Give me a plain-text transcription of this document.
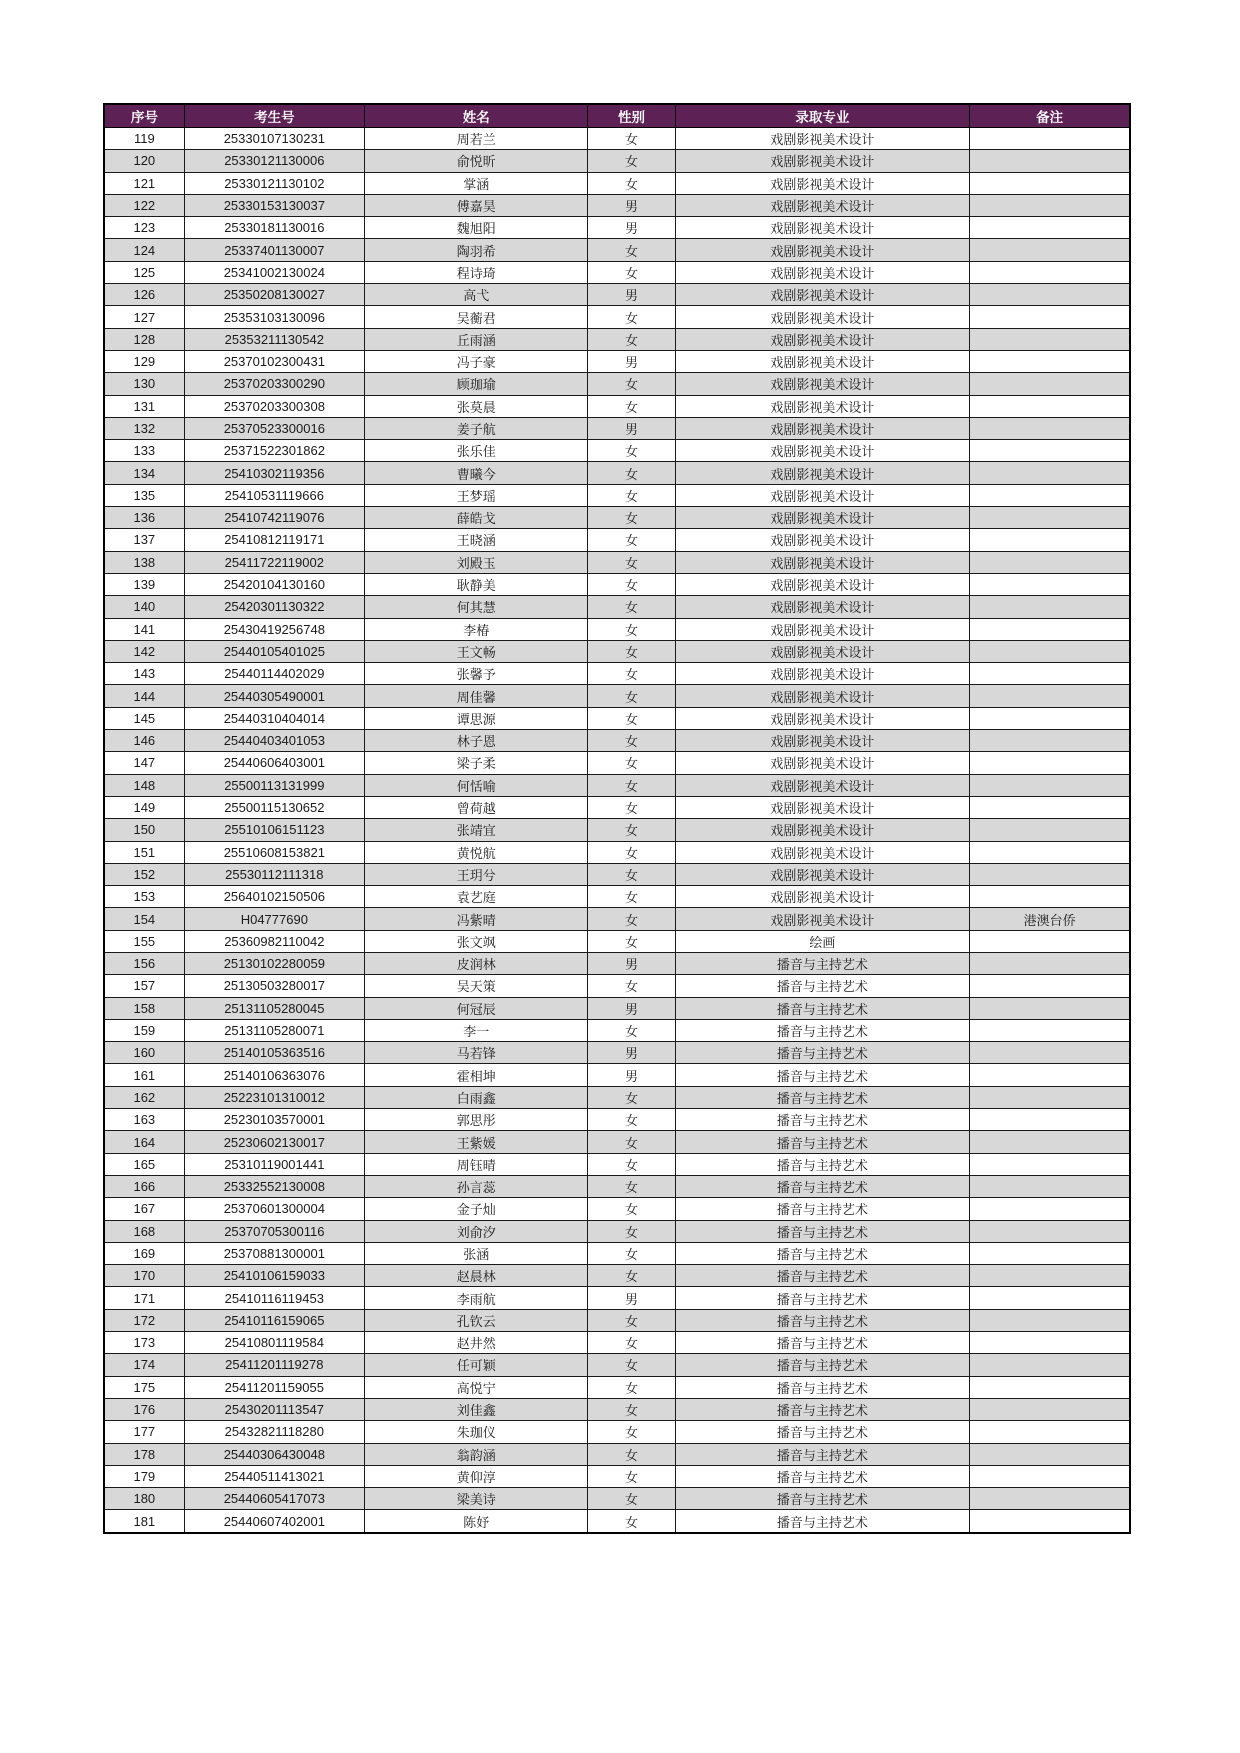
序号	考生号	姓名	性别	录取专业	备注
119	25330107130231	周若兰	女	戏剧影视美术设计	
120	25330121130006	俞悦昕	女	戏剧影视美术设计	
121	25330121130102	掌涵	女	戏剧影视美术设计	
122	25330153130037	傅嘉昊	男	戏剧影视美术设计	
123	25330181130016	魏旭阳	男	戏剧影视美术设计	
124	25337401130007	陶羽希	女	戏剧影视美术设计	
125	25341002130024	程诗琦	女	戏剧影视美术设计	
126	25350208130027	高弋	男	戏剧影视美术设计	
127	25353103130096	吴蘅君	女	戏剧影视美术设计	
128	25353211130542	丘雨涵	女	戏剧影视美术设计	
129	25370102300431	冯子豪	男	戏剧影视美术设计	
130	25370203300290	顾珈瑜	女	戏剧影视美术设计	
131	25370203300308	张莫晨	女	戏剧影视美术设计	
132	25370523300016	姜子航	男	戏剧影视美术设计	
133	25371522301862	张乐佳	女	戏剧影视美术设计	
134	25410302119356	曹曦今	女	戏剧影视美术设计	
135	25410531119666	王梦瑶	女	戏剧影视美术设计	
136	25410742119076	薛皓戈	女	戏剧影视美术设计	
137	25410812119171	王晓涵	女	戏剧影视美术设计	
138	25411722119002	刘殿玉	女	戏剧影视美术设计	
139	25420104130160	耿静美	女	戏剧影视美术设计	
140	25420301130322	何其慧	女	戏剧影视美术设计	
141	25430419256748	李椿	女	戏剧影视美术设计	
142	25440105401025	王文畅	女	戏剧影视美术设计	
143	25440114402029	张馨予	女	戏剧影视美术设计	
144	25440305490001	周佳馨	女	戏剧影视美术设计	
145	25440310404014	谭思源	女	戏剧影视美术设计	
146	25440403401053	林子恩	女	戏剧影视美术设计	
147	25440606403001	梁子柔	女	戏剧影视美术设计	
148	25500113131999	何恬喻	女	戏剧影视美术设计	
149	25500115130652	曾荷越	女	戏剧影视美术设计	
150	25510106151123	张靖宜	女	戏剧影视美术设计	
151	25510608153821	黄悦航	女	戏剧影视美术设计	
152	25530112111318	王玥兮	女	戏剧影视美术设计	
153	25640102150506	袁艺庭	女	戏剧影视美术设计	
154	H04777690	冯紫晴	女	戏剧影视美术设计	港澳台侨
155	25360982110042	张文飒	女	绘画	
156	25130102280059	皮润林	男	播音与主持艺术	
157	25130503280017	吴天策	女	播音与主持艺术	
158	25131105280045	何冠辰	男	播音与主持艺术	
159	25131105280071	李一	女	播音与主持艺术	
160	25140105363516	马若锋	男	播音与主持艺术	
161	25140106363076	霍相坤	男	播音与主持艺术	
162	25223101310012	白雨鑫	女	播音与主持艺术	
163	25230103570001	郭思彤	女	播音与主持艺术	
164	25230602130017	王紫媛	女	播音与主持艺术	
165	25310119001441	周钰晴	女	播音与主持艺术	
166	25332552130008	孙言蕊	女	播音与主持艺术	
167	25370601300004	金子灿	女	播音与主持艺术	
168	25370705300116	刘俞汐	女	播音与主持艺术	
169	25370881300001	张涵	女	播音与主持艺术	
170	25410106159033	赵晨林	女	播音与主持艺术	
171	25410116119453	李雨航	男	播音与主持艺术	
172	25410116159065	孔钦云	女	播音与主持艺术	
173	25410801119584	赵井然	女	播音与主持艺术	
174	25411201119278	任可颖	女	播音与主持艺术	
175	25411201159055	高悦宁	女	播音与主持艺术	
176	25430201113547	刘佳鑫	女	播音与主持艺术	
177	25432821118280	朱珈仪	女	播音与主持艺术	
178	25440306430048	翁韵涵	女	播音与主持艺术	
179	25440511413021	黄仰淳	女	播音与主持艺术	
180	25440605417073	梁美诗	女	播音与主持艺术	
181	25440607402001	陈妤	女	播音与主持艺术	
